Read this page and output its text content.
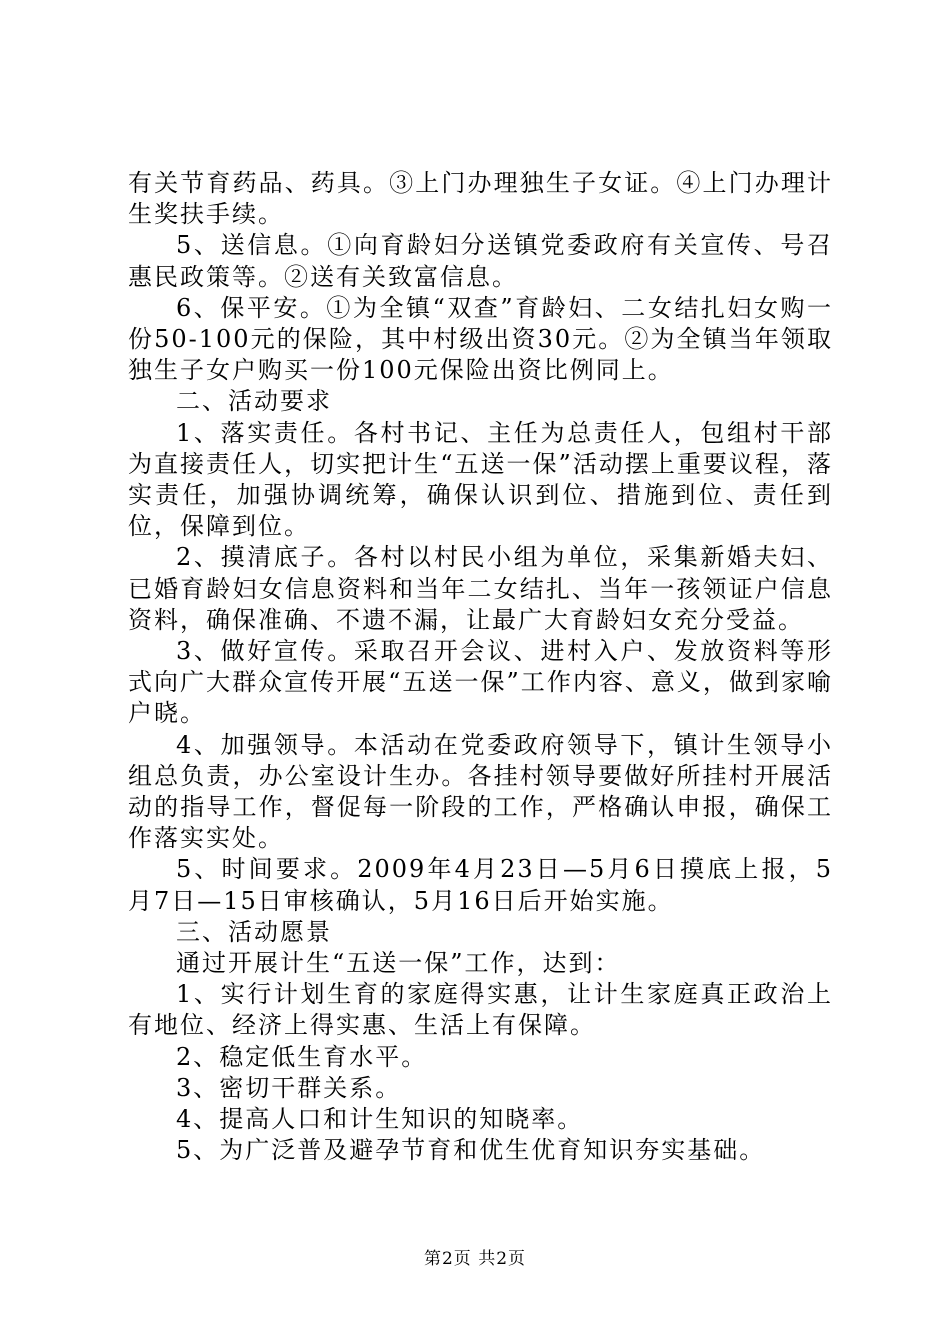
有关节育药品、药具。③上门办理独生子女证。④上门办理计生奖扶手续。

5、送信息。①向育龄妇分送镇党委政府有关宣传、号召惠民政策等。②送有关致富信息。

6、保平安。①为全镇“双查”育龄妇、二女结扎妇女购一份50-100元的保险，其中村级出资30元。②为全镇当年领取独生子女户购买一份100元保险出资比例同上。

二、活动要求

1、落实责任。各村书记、主任为总责任人，包组村干部为直接责任人，切实把计生“五送一保”活动摆上重要议程，落实责任，加强协调统筹，确保认识到位、措施到位、责任到位，保障到位。

2、摸清底子。各村以村民小组为单位，采集新婚夫妇、已婚育龄妇女信息资料和当年二女结扎、当年一孩领证户信息资料，确保准确、不遗不漏，让最广大育龄妇女充分受益。

3、做好宣传。采取召开会议、进村入户、发放资料等形式向广大群众宣传开展“五送一保”工作内容、意义，做到家喻户晓。

4、加强领导。本活动在党委政府领导下，镇计生领导小组总负责，办公室设计生办。各挂村领导要做好所挂村开展活动的指导工作，督促每一阶段的工作，严格确认申报，确保工作落实实处。

5、时间要求。2009年4月23日—5月6日摸底上报，5月7日—15日审核确认，5月16日后开始实施。

三、活动愿景

通过开展计生“五送一保”工作，达到：

1、实行计划生育的家庭得实惠，让计生家庭真正政治上有地位、经济上得实惠、生活上有保障。

2、稳定低生育水平。

3、密切干群关系。

4、提高人口和计生知识的知晓率。

5、为广泛普及避孕节育和优生优育知识夯实基础。

第2页 共2页
